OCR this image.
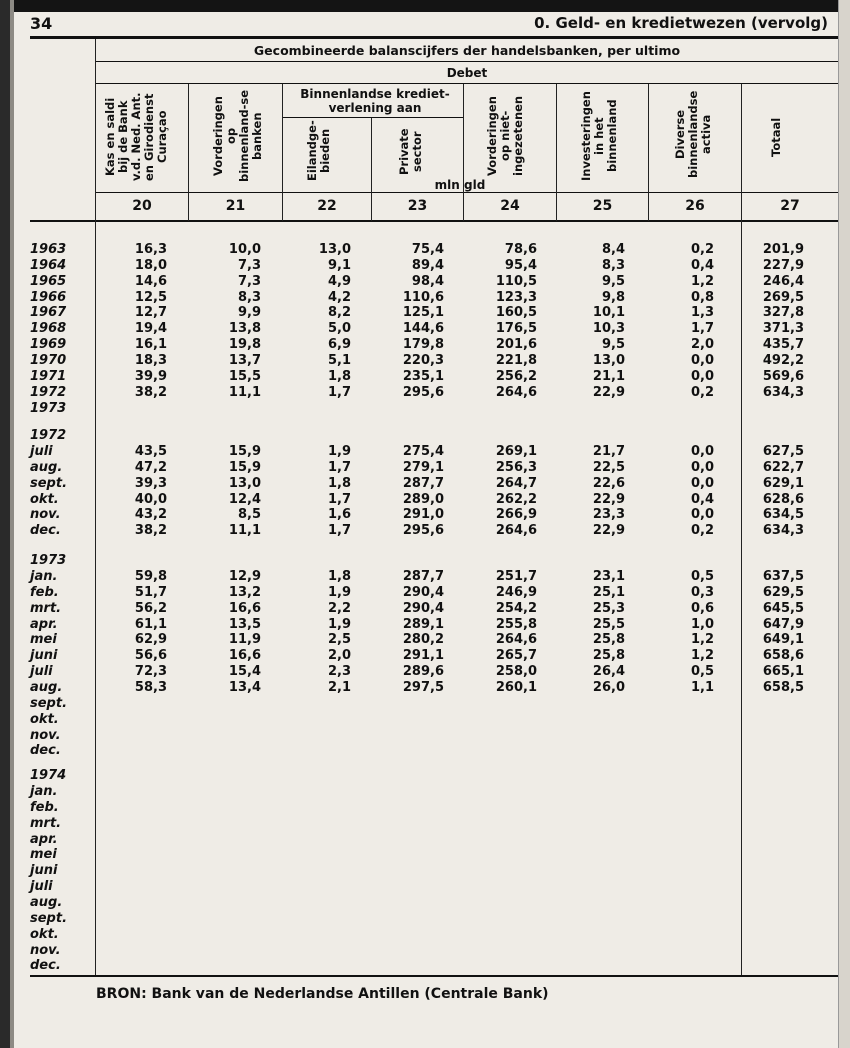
34	0. Geld- en kredietwezen (vervolg)
Gecombineerde balanscijfers der handelsbanken, per ultimo
Debet
Binnenlandse krediet-verlening aan
Kas en saldi bij de Bank v.d. Ned. Ant. en Girodienst Curaçao	Vorderingen op binnenland-se banken	Eilandge-bieden	Private sector	Vorderingen op niet-ingezetenen	Investeringen in het binnenland	Diverse binnenlandse activa	Totaal
mln gld
20	21	22	23	24	25	26	27
1963	16,3	10,0	13,0	75,4	78,6	8,4	0,2	201,9
1964	18,0	7,3	9,1	89,4	95,4	8,3	0,4	227,9
1965	14,6	7,3	4,9	98,4	110,5	9,5	1,2	246,4
1966	12,5	8,3	4,2	110,6	123,3	9,8	0,8	269,5
1967	12,7	9,9	8,2	125,1	160,5	10,1	1,3	327,8
1968	19,4	13,8	5,0	144,6	176,5	10,3	1,7	371,3
1969	16,1	19,8	6,9	179,8	201,6	9,5	2,0	435,7
1970	18,3	13,7	5,1	220,3	221,8	13,0	0,0	492,2
1971	39,9	15,5	1,8	235,1	256,2	21,1	0,0	569,6
1972	38,2	11,1	1,7	295,6	264,6	22,9	0,2	634,3
1973
1972
juli	43,5	15,9	1,9	275,4	269,1	21,7	0,0	627,5
aug.	47,2	15,9	1,7	279,1	256,3	22,5	0,0	622,7
sept.	39,3	13,0	1,8	287,7	264,7	22,6	0,0	629,1
okt.	40,0	12,4	1,7	289,0	262,2	22,9	0,4	628,6
nov.	43,2	8,5	1,6	291,0	266,9	23,3	0,0	634,5
dec.	38,2	11,1	1,7	295,6	264,6	22,9	0,2	634,3
1973
jan.	59,8	12,9	1,8	287,7	251,7	23,1	0,5	637,5
feb.	51,7	13,2	1,9	290,4	246,9	25,1	0,3	629,5
mrt.	56,2	16,6	2,2	290,4	254,2	25,3	0,6	645,5
apr.	61,1	13,5	1,9	289,1	255,8	25,5	1,0	647,9
mei	62,9	11,9	2,5	280,2	264,6	25,8	1,2	649,1
juni	56,6	16,6	2,0	291,1	265,7	25,8	1,2	658,6
juli	72,3	15,4	2,3	289,6	258,0	26,4	0,5	665,1
aug.	58,3	13,4	2,1	297,5	260,1	26,0	1,1	658,5
sept.
okt.
nov.
dec.
1974
jan.
feb.
mrt.
apr.
mei
juni
juli
aug.
sept.
okt.
nov.
dec.
BRON: Bank van de Nederlandse Antillen (Centrale Bank)
